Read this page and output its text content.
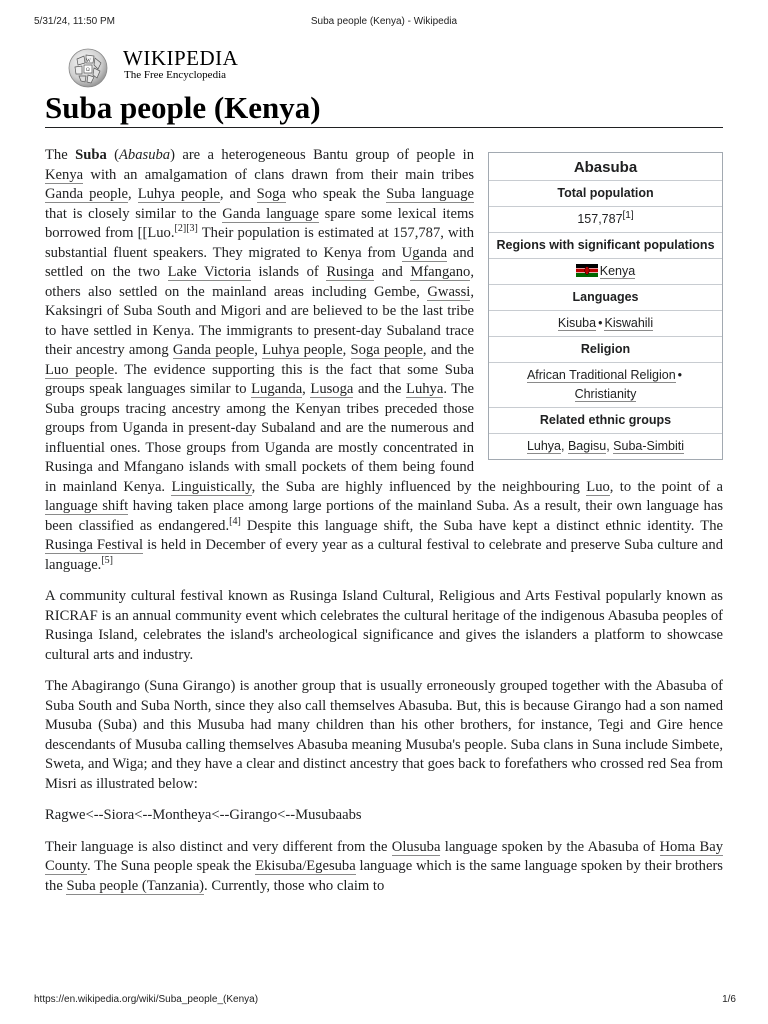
5/31/24, 11:50 PM	Suba people (Kenya) - Wikipedia
W
Ω
WIKIPEDIA
The Free Encyclopedia
Suba people (Kenya)
Abasuba
Total population
157,787[1]
Regions with significant populations
Kenya
Languages
Kisuba • Kiswahili
Religion
African Traditional Religion •
Christianity
Related ethnic groups
Luhya, Bagisu, Suba-Simbiti

The Suba (Abasuba) are a heterogeneous Bantu group of people in Kenya with an amalgamation of clans drawn from their main tribes Ganda people, Luhya people, and Soga who speak the Suba language that is closely similar to the Ganda language spare some lexical items borrowed from [[Luo.[2][3] Their population is estimated at 157,787, with substantial fluent speakers. They migrated to Kenya from Uganda and settled on the two Lake Victoria islands of Rusinga and Mfangano, others also settled on the mainland areas including Gembe, Gwassi, Kaksingri of Suba South and Migori and are believed to be the last tribe to have settled in Kenya. The immigrants to present-day Subaland trace their ancestry among Ganda people, Luhya people, Soga people, and the Luo people. The evidence supporting this is the fact that some Suba groups speak languages similar to Luganda, Lusoga and the Luhya. The Suba groups tracing ancestry among the Kenyan tribes preceded those groups from Uganda in present-day Subaland and are the numerous and influential ones. Those groups from Uganda are mostly concentrated in Rusinga and Mfangano islands with small pockets of them being found in mainland Kenya. Linguistically, the Suba are highly influenced by the neighbouring Luo, to the point of a language shift having taken place among large portions of the mainland Suba. As a result, their own language has been classified as endangered.[4] Despite this language shift, the Suba have kept a distinct ethnic identity. The Rusinga Festival is held in December of every year as a cultural festival to celebrate and preserve Suba culture and language.[5]

A community cultural festival known as Rusinga Island Cultural, Religious and Arts Festival popularly known as RICRAF is an annual community event which celebrates the cultural heritage of the indigenous Abasuba peoples of Rusinga Island, celebrates the island's archeological significance and gives the islanders a platform to showcase cultural arts and industry.

The Abagirango (Suna Girango) is another group that is usually erroneously grouped together with the Abasuba of Suba South and Suba North, since they also call themselves Abasuba. But, this is because Girango had a son named Musuba (Suba) and this Musuba had many children than his other brothers, for instance, Tegi and Gire hence descendants of Musuba calling themselves Abasuba meaning Musuba's people. Suba clans in Suna include Simbete, Sweta, and Wiga; and they have a clear and distinct ancestry that goes back to forefathers who crossed red Sea from Misri as illustrated below:

Ragwe<--Siora<--Montheya<--Girango<--Musubaabs

Their language is also distinct and very different from the Olusuba language spoken by the Abasuba of Homa Bay County. The Suna people speak the Ekisuba/Egesuba language which is the same language spoken by their brothers the Suba people (Tanzania). Currently, those who claim to

https://en.wikipedia.org/wiki/Suba_people_(Kenya)	1/6
